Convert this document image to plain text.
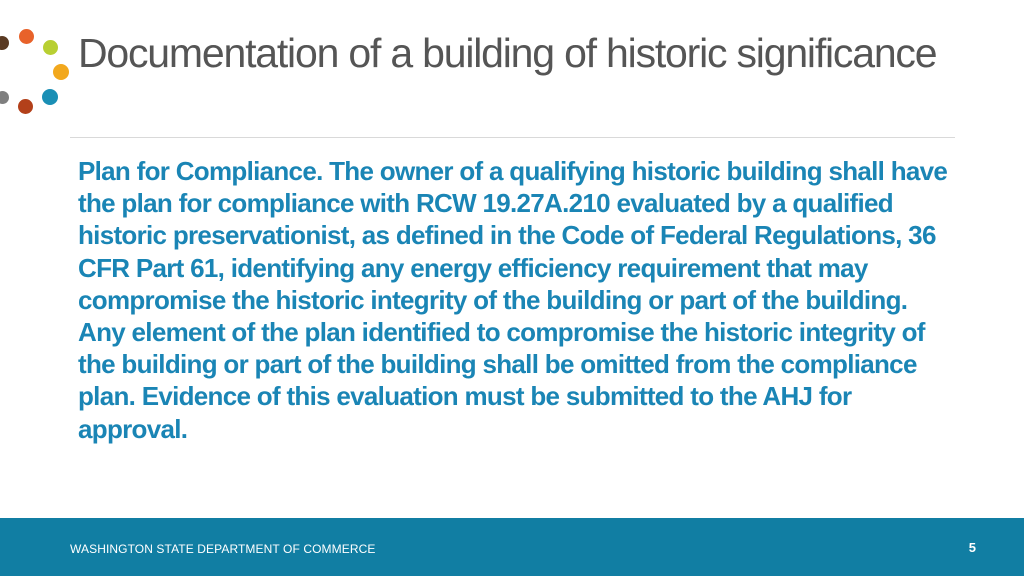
Documentation of a building of historic significance

Plan for Compliance. The owner of a qualifying historic building shall have the plan for compliance with RCW 19.27A.210 evaluated by a qualified historic preservationist, as defined in the Code of Federal Regulations, 36 CFR Part 61, identifying any energy efficiency requirement that may compromise the historic integrity of the building or part of the building. Any element of the plan identified to compromise the historic integrity of the building or part of the building shall be omitted from the compliance plan. Evidence of this evaluation must be submitted to the AHJ for approval.

WASHINGTON STATE DEPARTMENT OF COMMERCE	5
